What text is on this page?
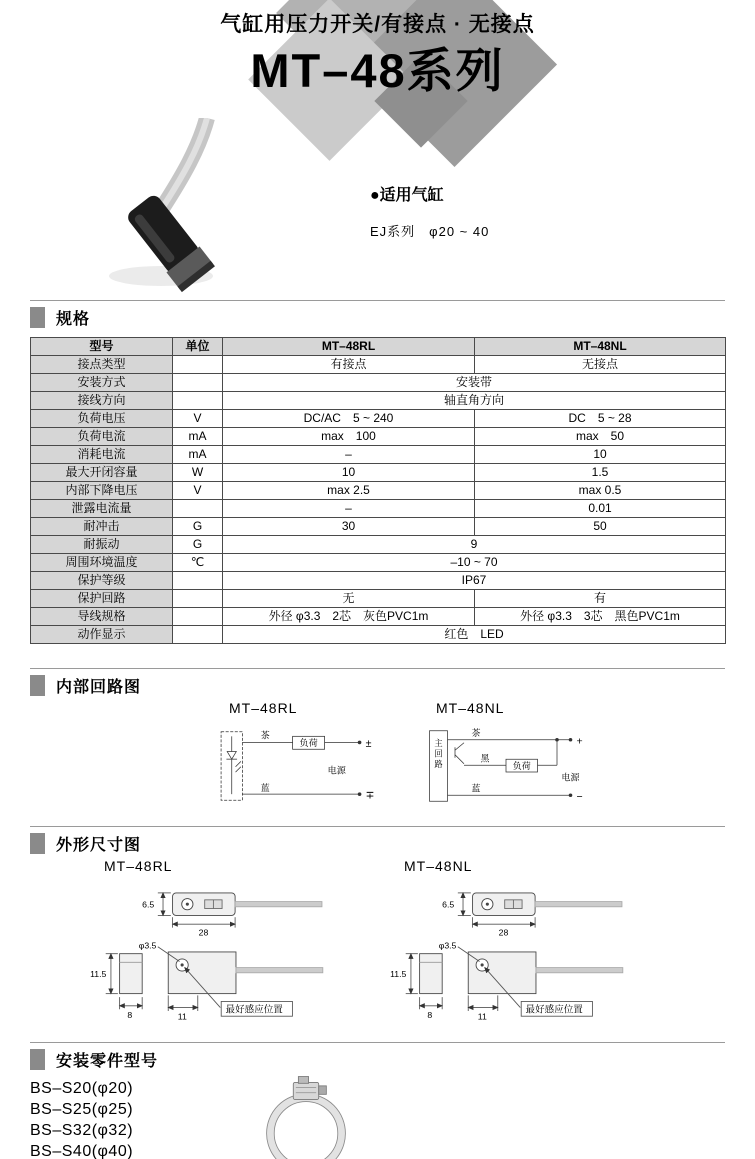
气缸用压力开关/有接点 · 无接点
MT–48系列
●适用气缸
EJ系列　φ20 ~ 40
规格
型号	单位	MT–48RL	MT–48NL
接点类型		有接点	无接点
安装方式		安装带	
接线方向		轴直角方向	
负荷电压	V	DC/AC　5 ~ 240	DC　5 ~ 28
负荷电流	mA	max　100	max　50
消耗电流	mA	–	10
最大开闭容量	W	10	1.5
内部下降电压	V	max 2.5	max 0.5
泄露电流量		–	0.01
耐冲击	G	30	50
耐振动	G	9	
周围环境温度	℃	–10 ~ 70	
保护等级		IP67	
保护回路		无	有
导线规格		外径 φ3.3　2芯　灰色PVC1m	外径 φ3.3　3芯　黑色PVC1m
动作显示		红色　LED	
内部回路图
MT–48RL
茶
负荷	±
∓
蓝
电源
MT–48NL
主回路
+
茶
黑
负荷
−
蓝
电源
外形尺寸图
MT–48RL
6.5
28
11.5
8
φ3.5
11
最好感应位置
MT–48NL
6.5
28
11.5
8
φ3.5
11
最好感应位置
安装零件型号
BS–S20(φ20)
BS–S25(φ25)
BS–S32(φ32)
BS–S40(φ40)
